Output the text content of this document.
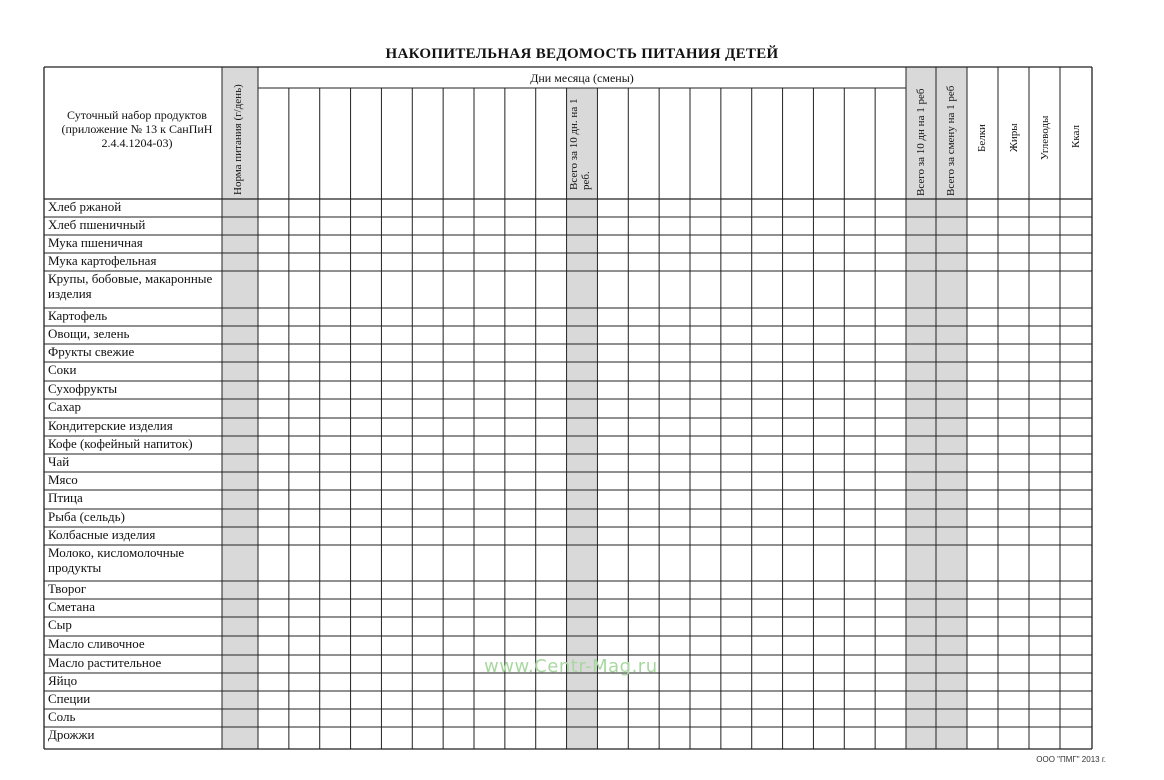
НАКОПИТЕЛЬНАЯ ВЕДОМОСТЬ ПИТАНИЯ ДЕТЕЙ
Суточный набор продуктов (приложение № 13 к СанПиН 2.4.4.1204-03)
Дни месяца (смены)
Норма питания (г/день)	Всего за 10 дн. на 1 реб.	Всего за 10 дн на 1 реб Всего за смену на 1 реб Белки Жиры Углеводы Ккал
Хлеб ржаной
Хлеб пшеничный
Мука пшеничная
Мука картофельная
Крупы, бобовые, макаронные изделия
Картофель
Овощи, зелень
Фрукты свежие
Соки
Сухофрукты
Сахар
Кондитерские изделия
Кофе (кофейный напиток)
Чай
Мясо
Птица
Рыба (сельдь)
Колбасные изделия
Молоко, кисломолочные продукты
Творог
Сметана
Сыр
Масло сливочное
Масло растительное
Яйцо
Специи
Соль
Дрожжи
www.Centr-Mag.ru
ООО "ПМГ" 2013 г.
